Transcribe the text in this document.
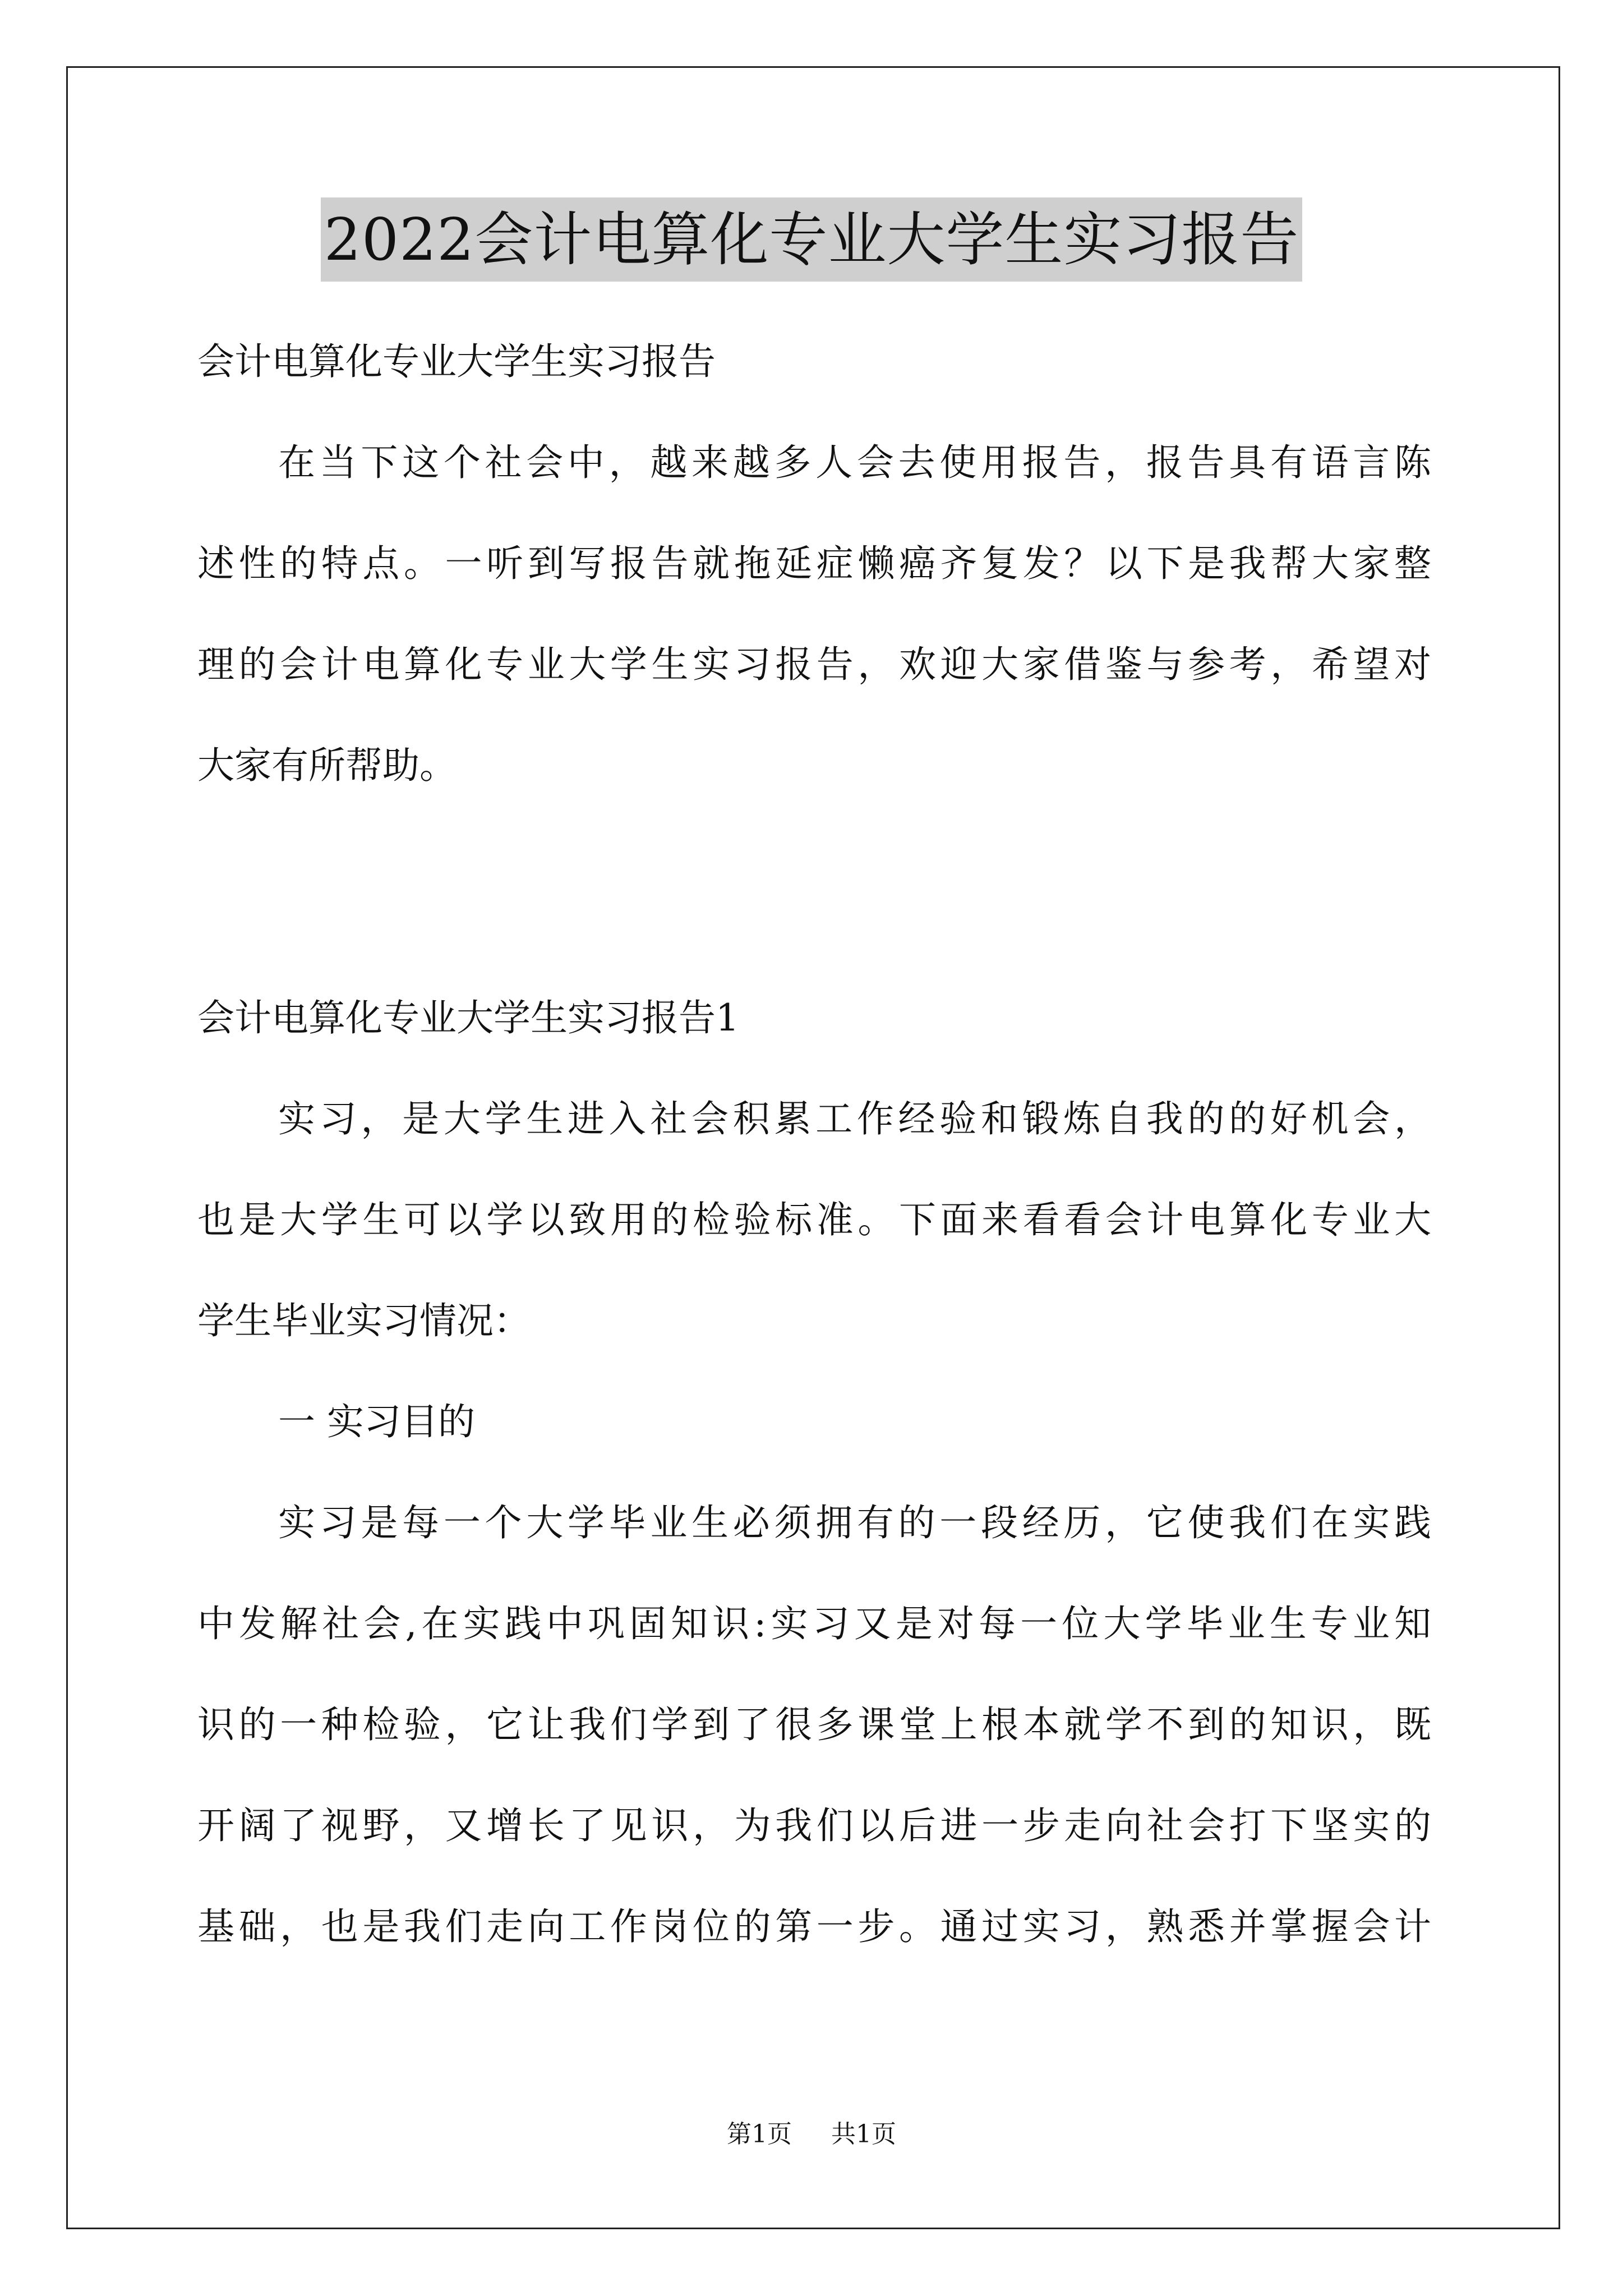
2022会计电算化专业大学生实习报告
会计电算化专业大学生实习报告
在当下这个社会中，越来越多人会去使用报告，报告具有语言陈
述性的特点。一听到写报告就拖延症懒癌齐复发？以下是我帮大家整
理的会计电算化专业大学生实习报告，欢迎大家借鉴与参考，希望对
大家有所帮助。
会计电算化专业大学生实习报告1
实习，是大学生进入社会积累工作经验和锻炼自我的的好机会，
也是大学生可以学以致用的检验标准。下面来看看会计电算化专业大
学生毕业实习情况：
一 实习目的
实习是每一个大学毕业生必须拥有的一段经历，它使我们在实践
中发解社会,在实践中巩固知识:实习又是对每一位大学毕业生专业知
识的一种检验，它让我们学到了很多课堂上根本就学不到的知识，既
开阔了视野，又增长了见识，为我们以后进一步走向社会打下坚实的
基础，也是我们走向工作岗位的第一步。通过实习，熟悉并掌握会计
第1页 共1页
